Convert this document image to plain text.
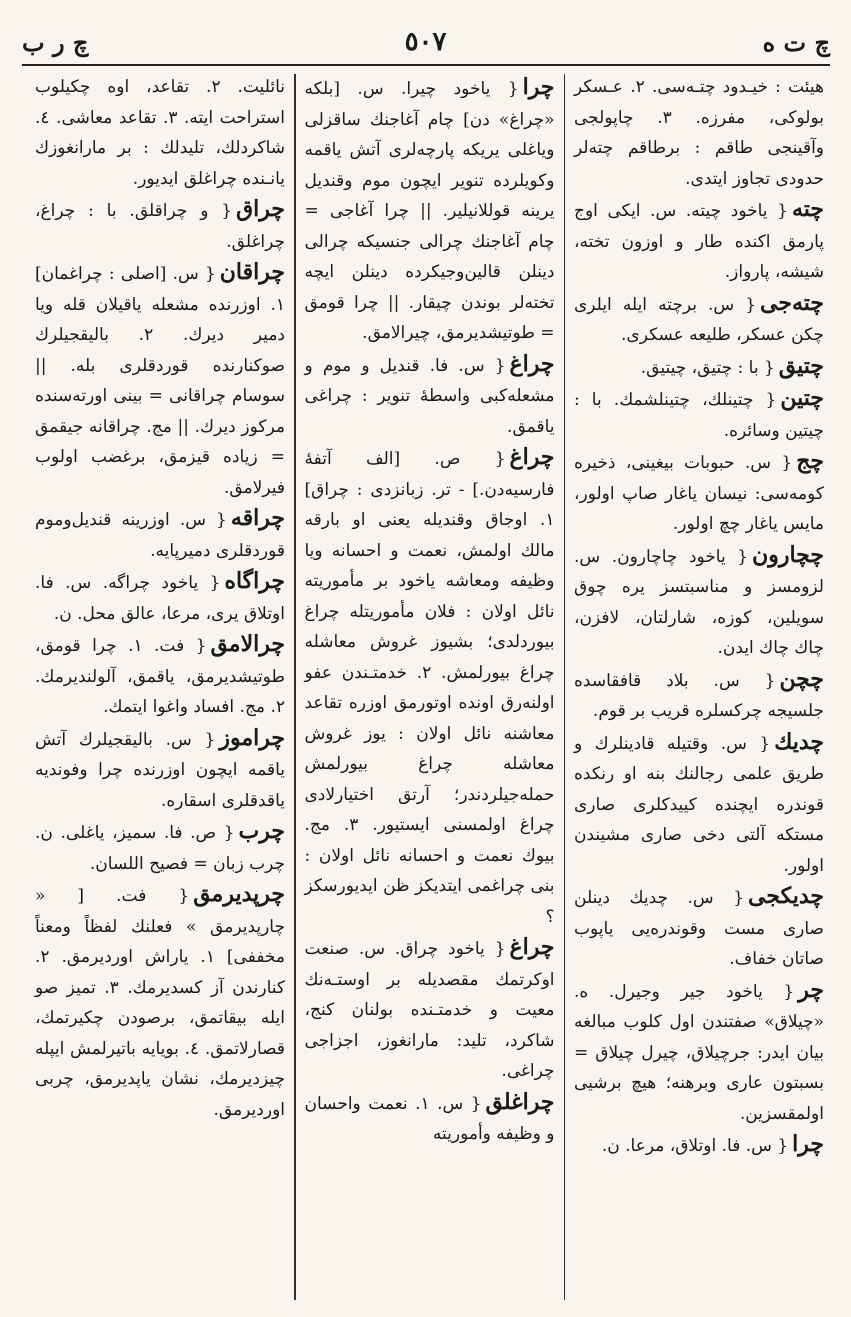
چ ت ه
٥٠٧
چ ر ب

هیئت : خیـدود چتـه‌سی. ۲. عـسکر بولوکی، مفرزه. ۳. چاپولجی وآقینجی طاقم : برطاقم چته‌لر حدودی تجاوز ایتدی.

چته{ یاخود چیته. س. ایکی اوج پارمق اکنده طار و اوزون تخته، شیشه، پارواز.

چته‌جی{ س. برچته ایله ایلری چکن عسکر، طلیعه عسکری.

چتیق{ با : چتیق، چیتیق.

چتین{ چتینلك، چتینلشمك. با : چیتین وسائره.

چج{ س. حبوبات بیغینی، ذخیره کومه‌سی: نیسان یاغار صاپ اولور، مایس یاغار چچ اولور.

چچارون{ یاخود چاچارون. س. لزومسز و مناسبتسز یره چوق سویلین، کوزه، شارلتان، لافزن، چاك چاك ایدن.

چچن{ س. بلاد قافقاسده جلسیجه چرکسلره قریب بر قوم.

چدیك{ س. وقتیله قادینلرك و طریق علمی رجالنك بنه او رنکده قوندره ایچنده کییدکلری صاری مستکه آلتی دخی صاری مشیندن اولور.

چدیکجی{ س. چدیك دینلن صاری مست وقوندره‌یی یاپوب صاتان خفاف.

چر{ یاخود جیر وجیرل. ه. «چیلاق» صفتندن اول کلوب مبالغه بیان ایدر: جرچیلاق، چیرل چیلاق = بسبتون عاری وبرهنه؛ هیچ برشیی اولمقسزین.

چرا{ س. فا. اوتلاق، مرعا. ن.

چرا{ یاخود چیرا. س. [بلکه «چراغ» دن] چام آغاجنك ساقزلی ویاغلی یریکه پارچه‌لری آتش یاقمه وکویلرده تنویر ایچون موم وقندیل یرینه قوللانیلیر. || چرا آغاجی = چام آغاجنك چرالی جنسیکه چرالی دینلن قالین‌وجیکرده دینلن ایچه تخته‌لر بوندن چیقار. || چرا قومق = طوتیشدیرمق، چیرالامق.

چراغ{ س. فا. قندیل و موم و مشعله‌کبی واسطهٔ تنویر : چراغی یاقمق.

چراغ{ ص. [الف آتفهٔ فارسیه‌دن.] - تر. زبانزدی : چراق] ۱. اوجاق وقندیله یعنی او بارقه مالك اولمش، نعمت و احسانه ویا وظیفه ومعاشه یاخود بر مأموریته نائل اولان : فلان مأموریتله چراغ بیوردلدی؛ بشیوز غروش معاشله چراغ بیورلمش. ۲. خدمتـندن عفو اولنه‌رق اونده اوتورمق اوزره تقاعد معاشنه نائل اولان : یوز غروش معاشله چراغ بیورلمش حمله‌جیلردندر؛ آرتق اختیارلادی چراغ اولمسنی ایستیور. ۳. مج. بیوك نعمت و احسانه نائل اولان : بنی چراغمی ایتدیکز ظن ایدیورسکز ؟

چراغ{ یاخود چراق. س. صنعت اوکرتمك مقصدیله بر اوستـه‌نك معیت و خدمتـنده بولنان کنج، شاکرد، تلید: مارانغوز، اجزاجی چراغی.

چراغلق{ س. ۱. نعمت واحسان و وظیفه وأموریته

نائلیت. ۲. تقاعد، اوه چکیلوب استراحت ایته. ۳. تقاعد معاشی. ٤. شاکردلك، تلیدلك : بر مارانغوزك یانـنده چراغلق ایدیور.

چراق{ و چراقلق. با : چراغ، چراغلق.

چراقان{ س. [اصلی : چراغمان] ۱. اوزرنده مشعله یاقیلان قله ویا دمیر دیرك. ۲. بالیقجیلرك صوکنارنده قوردقلری بله. || سوسام چراقانی = بینی اورته‌سنده مرکوز دیرك. || مج. چراقانه جیقمق = زیاده قیزمق، برغضب اولوب فیرلامق.

چراقه{ س. اوزرینه قندیل‌وموم قوردقلری دمیرپایه.

چراگاه{ یاخود چراگه. س. فا. اوتلاق یری، مرعا، عالق محل. ن.

چرالامق{ فت. ۱. چرا قومق، طوتیشدیرمق، یاقمق، آلولندیرمك. ۲. مج. افساد واغوا ایتمك.

چراموز{ س. بالیقجیلرك آتش یاقمه ایچون اوزرنده چرا وفوندیه یاقدقلری اسقاره.

چرب{ ص. فا. سمیز، یاغلی. ن. چرب زبان = فصیح اللسان.

چرپدیرمق{ فت. [ « چارپدیرمق » فعلنك لفظاً ومعناً مخففی] ۱. یاراش اوردیرمق. ۲. کنارندن آز کسدیرمك. ۳. تمیز صو ایله بیقاتمق، برصودن چکیرتمك، قصارلاتمق. ٤. بویایه باتیرلمش ایپله چیزدیرمك، نشان یاپدیرمق، چربی اوردیرمق.
